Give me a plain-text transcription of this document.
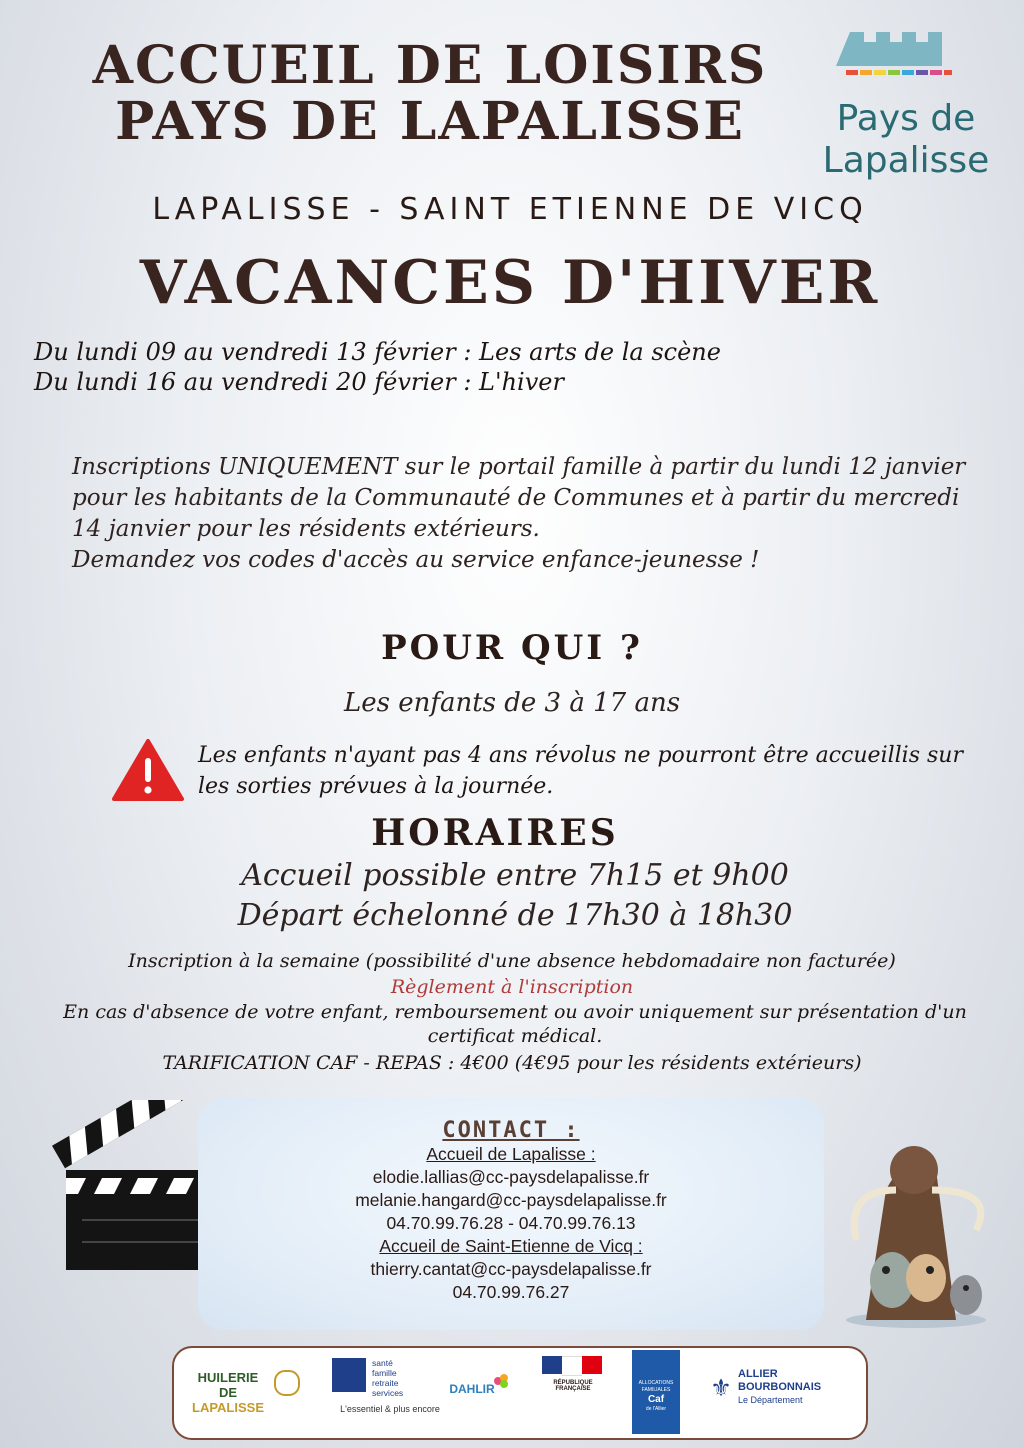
Pays de
Lapalisse
ACCUEIL DE LOISIRS
PAYS DE LAPALISSE
LAPALISSE - SAINT ETIENNE DE VICQ
VACANCES D'HIVER
Du lundi 09 au vendredi 13 février : Les arts de la scène
Du lundi 16 au vendredi 20 février : L'hiver
Inscriptions UNIQUEMENT sur le portail famille à partir du lundi 12 janvier pour les habitants de la Communauté de Communes et à partir du mercredi 14 janvier pour les résidents extérieurs.
Demandez vos codes d'accès au service enfance-jeunesse !
POUR QUI ?
Les enfants de 3 à 17 ans
Les enfants n'ayant pas 4 ans révolus ne pourront être accueillis sur les sorties prévues à la journée.
HORAIRES
Accueil possible entre 7h15 et 9h00
Départ échelonné de 17h30 à 18h30
Inscription à la semaine (possibilité d'une absence hebdomadaire non facturée)
Règlement à l'inscription
En cas d'absence de votre enfant, remboursement ou avoir uniquement sur présentation d'un certificat médical.
TARIFICATION CAF - REPAS : 4€00 (4€95 pour les résidents extérieurs)
CONTACT :
Accueil de Lapalisse :
elodie.lallias@cc-paysdelapalisse.fr
melanie.hangard@cc-paysdelapalisse.fr
04.70.99.76.28 - 04.70.99.76.13
Accueil de Saint-Etienne de Vicq :
thierry.cantat@cc-paysdelapalisse.fr
04.70.99.76.27
HUILERIE DE
LAPALISSE
santé
famille
retraite
services
L'essentiel & plus encore
DAHLIR	RÉPUBLIQUE FRANÇAISE
ALLOCATIONS
FAMILIALES
Caf
de l'Allier
⚜
ALLIER
BOURBONNAIS
Le Département
